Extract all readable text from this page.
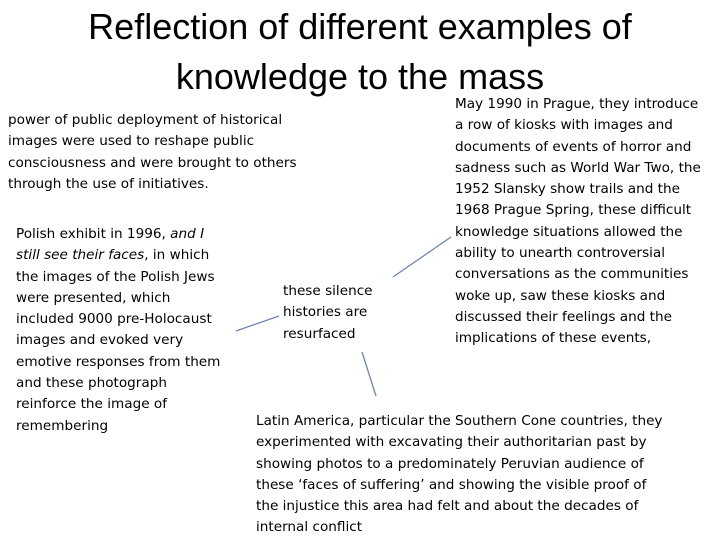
Reflection of different examples of
knowledge to the mass
power of public deployment of historical images were used to reshape public consciousness and were brought to others through the use of initiatives.
Polish exhibit in 1996, and I still see their faces, in which the images of the Polish Jews were presented, which included 9000 pre-Holocaust images and evoked very emotive responses from them and these photograph reinforce the image of remembering
these silence histories are resurfaced
May 1990 in Prague, they introduce a row of kiosks with images and documents of events of horror and sadness such as World War Two, the 1952 Slansky show trails and the 1968 Prague Spring, these difficult knowledge situations allowed the ability to unearth controversial conversations as the communities woke up, saw these kiosks and discussed their feelings and the implications of these events,
Latin America, particular the Southern Cone countries, they experimented with excavating their authoritarian past by showing photos to a predominately Peruvian audience of these ‘faces of suffering’ and showing the visible proof of the injustice this area had felt and about the decades of internal conflict
